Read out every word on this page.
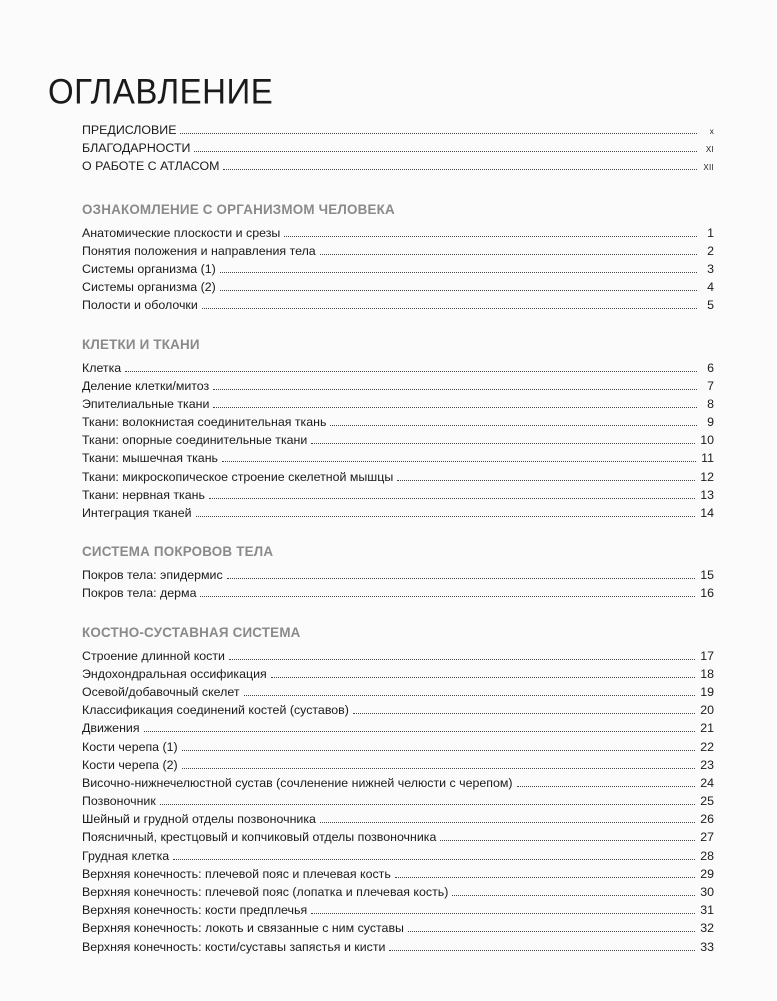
ОГЛАВЛЕНИЕ
ПРЕДИСЛОВИЕ	x
БЛАГОДАРНОСТИ	XI
О РАБОТЕ С АТЛАСОМ	XII
ОЗНАКОМЛЕНИЕ С ОРГАНИЗМОМ ЧЕЛОВЕКА
Анатомические плоскости и срезы	1
Понятия положения и направления тела	2
Системы организма (1)	3
Системы организма (2)	4
Полости и оболочки	5
КЛЕТКИ И ТКАНИ
Клетка	6
Деление клетки/митоз	7
Эпителиальные ткани	8
Ткани: волокнистая соединительная ткань	9
Ткани: опорные соединительные ткани	10
Ткани: мышечная ткань	11
Ткани: микроскопическое строение скелетной мышцы	12
Ткани: нервная ткань	13
Интеграция тканей	14
СИСТЕМА ПОКРОВОВ ТЕЛА
Покров тела: эпидермис	15
Покров тела: дерма	16
КОСТНО-СУСТАВНАЯ СИСТЕМА
Строение длинной кости	17
Эндохондральная оссификация	18
Осевой/добавочный скелет	19
Классификация соединений костей (суставов)	20
Движения	21
Кости черепа (1)	22
Кости черепа (2)	23
Височно-нижнечелюстной сустав (сочленение нижней челюсти с черепом)	24
Позвоночник	25
Шейный и грудной отделы позвоночника	26
Поясничный, крестцовый и копчиковый отделы позвоночника	27
Грудная клетка	28
Верхняя конечность: плечевой пояс и плечевая кость	29
Верхняя конечность: плечевой пояс (лопатка и плечевая кость)	30
Верхняя конечность: кости предплечья	31
Верхняя конечность: локоть и связанные с ним суставы	32
Верхняя конечность: кости/суставы запястья и кисти	33
